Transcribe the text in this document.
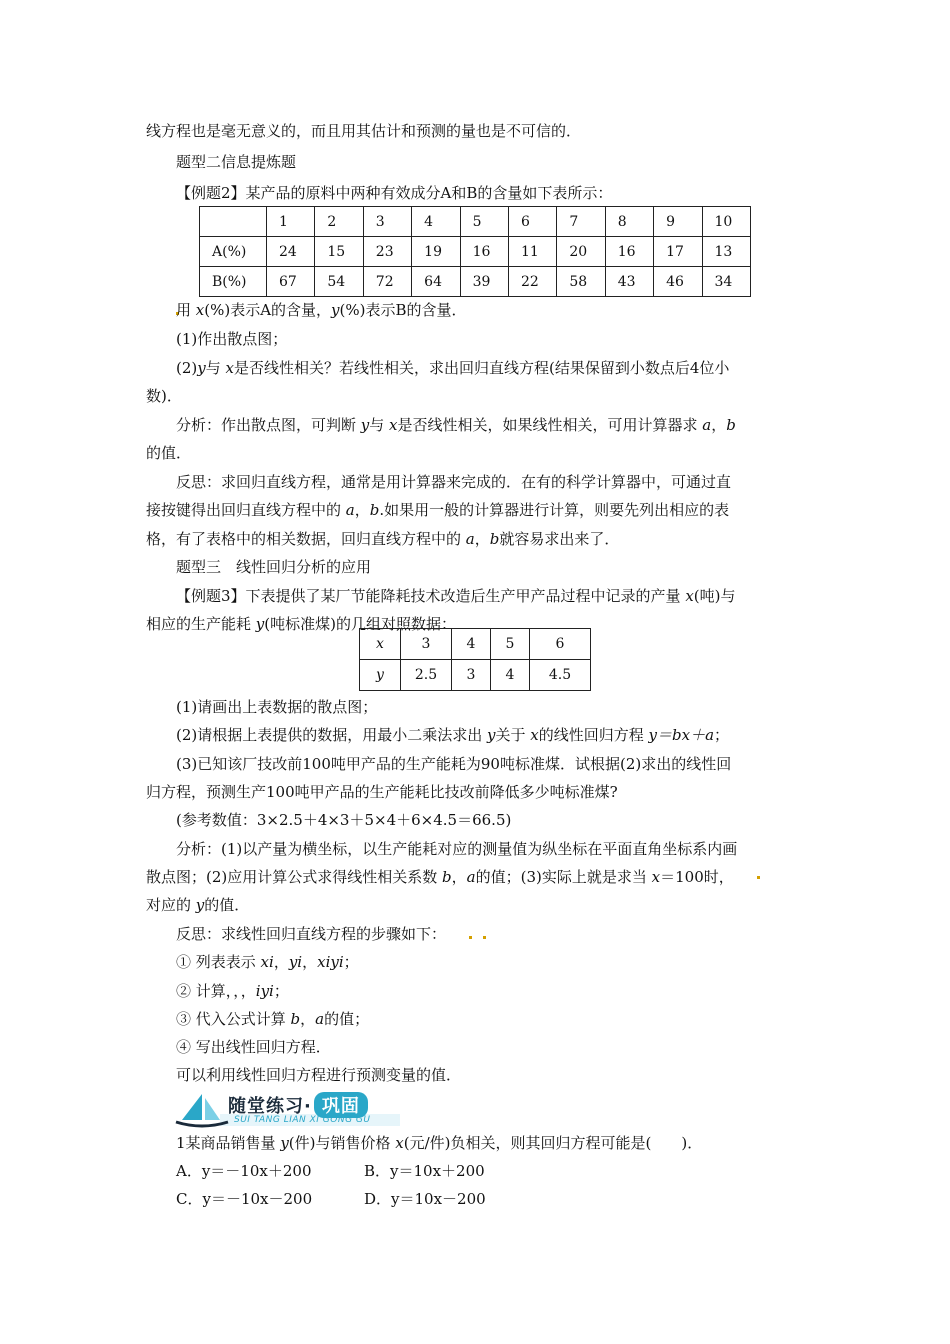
线方程也是毫无意义的，而且用其估计和预测的量也是不可信的．
题型二信息提炼题
【例题2】某产品的原料中两种有效成分A和B的含量如下表所示：
	1	2	3	4	5	6	7	8	9	10
A(%)	24	15	23	19	16	11	20	16	17	13
B(%)	67	54	72	64	39	22	58	43	46	34
用 x(%)表示A的含量，y(%)表示B的含量．
(1)作出散点图；
(2)y与 x是否线性相关？若线性相关，求出回归直线方程(结果保留到小数点后4位小
数)．
分析：作出散点图，可判断 y与 x是否线性相关，如果线性相关，可用计算器求 a，b
的值．
反思：求回归直线方程，通常是用计算器来完成的．在有的科学计算器中，可通过直
接按键得出回归直线方程中的 a，b.如果用一般的计算器进行计算，则要先列出相应的表
格，有了表格中的相关数据，回归直线方程中的 a，b就容易求出来了．
题型三　线性回归分析的应用
【例题3】下表提供了某厂节能降耗技术改造后生产甲产品过程中记录的产量 x(吨)与
相应的生产能耗 y(吨标准煤)的几组对照数据：
x	3	4	5	6
y	2.5	3	4	4.5
(1)请画出上表数据的散点图；
(2)请根据上表提供的数据，用最小二乘法求出 y关于 x的线性回归方程 y＝bx＋a；
(3)已知该厂技改前100吨甲产品的生产能耗为90吨标准煤．试根据(2)求出的线性回
归方程，预测生产100吨甲产品的生产能耗比技改前降低多少吨标准煤?
(参考数值：3×2.5＋4×3＋5×4＋6×4.5＝66.5)
分析：(1)以产量为横坐标，以生产能耗对应的测量值为纵坐标在平面直角坐标系内画
散点图；(2)应用计算公式求得线性相关系数 b，a的值；(3)实际上就是求当 x＝100时，
对应的 y的值．
反思：求线性回归直线方程的步骤如下：
① 列表表示 xi，yi，xiyi；
② 计算，，，iyi；
③ 代入公式计算 b，a的值；
④ 写出线性回归方程．
可以利用线性回归方程进行预测变量的值．
随堂练习· 巩固
SUI TANG LIAN XI GONG GU
1某商品销售量 y(件)与销售价格 x(元/件)负相关，则其回归方程可能是(　　)．
A．y＝－10x＋200	B．y＝10x＋200
C．y＝－10x－200	D．y＝10x－200
